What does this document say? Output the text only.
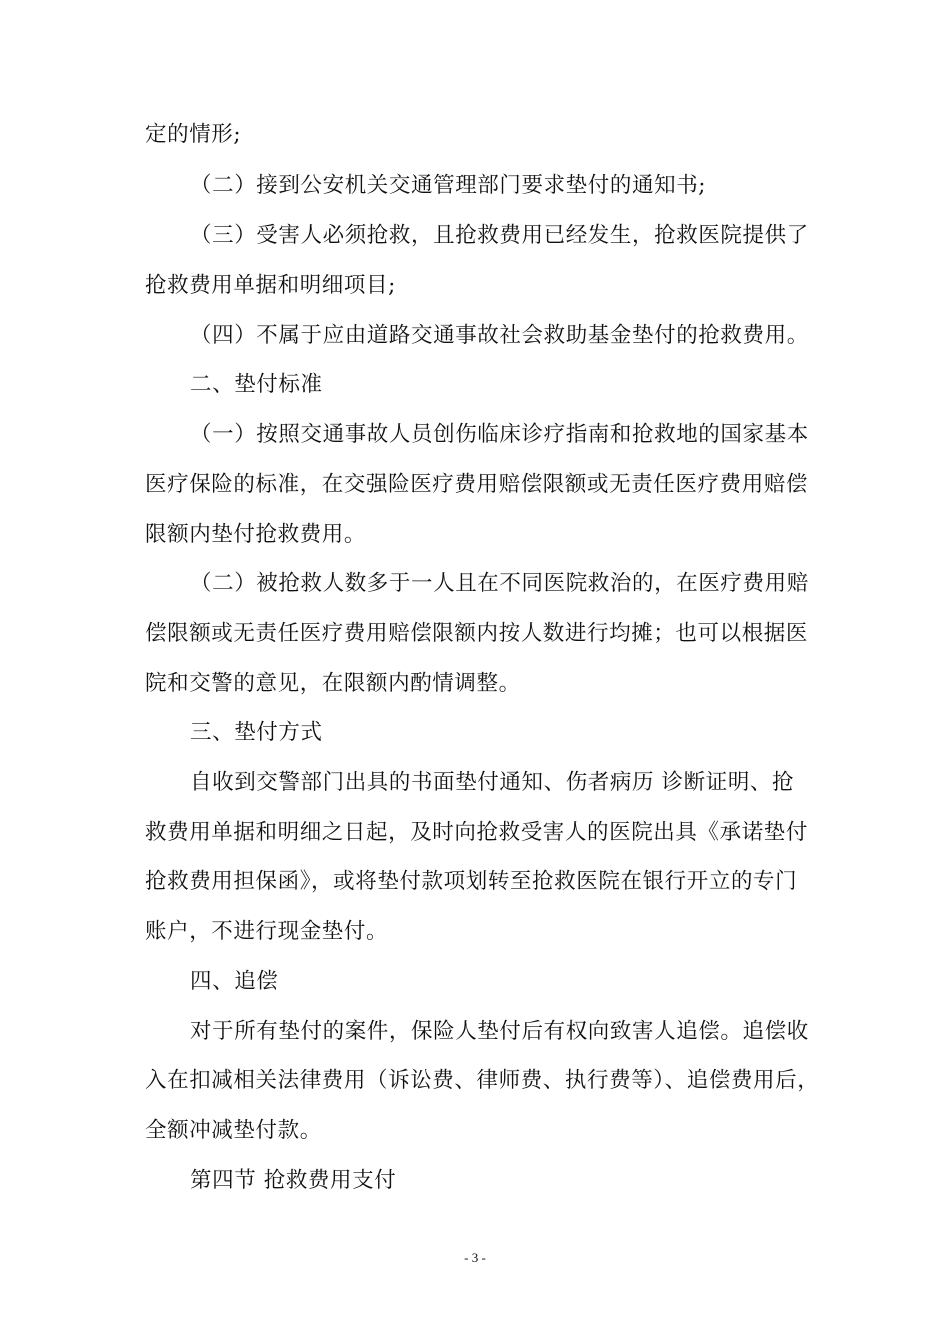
定的情形;
（二）接到公安机关交通管理部门要求垫付的通知书;
（三）受害人必须抢救，且抢救费用已经发生，抢救医院提供了
抢救费用单据和明细项目;
（四）不属于应由道路交通事故社会救助基金垫付的抢救费用。
二、垫付标准
（一）按照交通事故人员创伤临床诊疗指南和抢救地的国家基本
医疗保险的标准，在交强险医疗费用赔偿限额或无责任医疗费用赔偿
限额内垫付抢救费用。
（二）被抢救人数多于一人且在不同医院救治的，在医疗费用赔
偿限额或无责任医疗费用赔偿限额内按人数进行均摊；也可以根据医
院和交警的意见，在限额内酌情调整。
三、垫付方式
自收到交警部门出具的书面垫付通知、伤者病历 诊断证明、抢
救费用单据和明细之日起，及时向抢救受害人的医院出具《承诺垫付
抢救费用担保函》，或将垫付款项划转至抢救医院在银行开立的专门
账户，不进行现金垫付。
四、追偿
对于所有垫付的案件，保险人垫付后有权向致害人追偿。追偿收
入在扣减相关法律费用（诉讼费、律师费、执行费等）、追偿费用后，
全额冲减垫付款。
第四节 抢救费用支付
- 3 -
